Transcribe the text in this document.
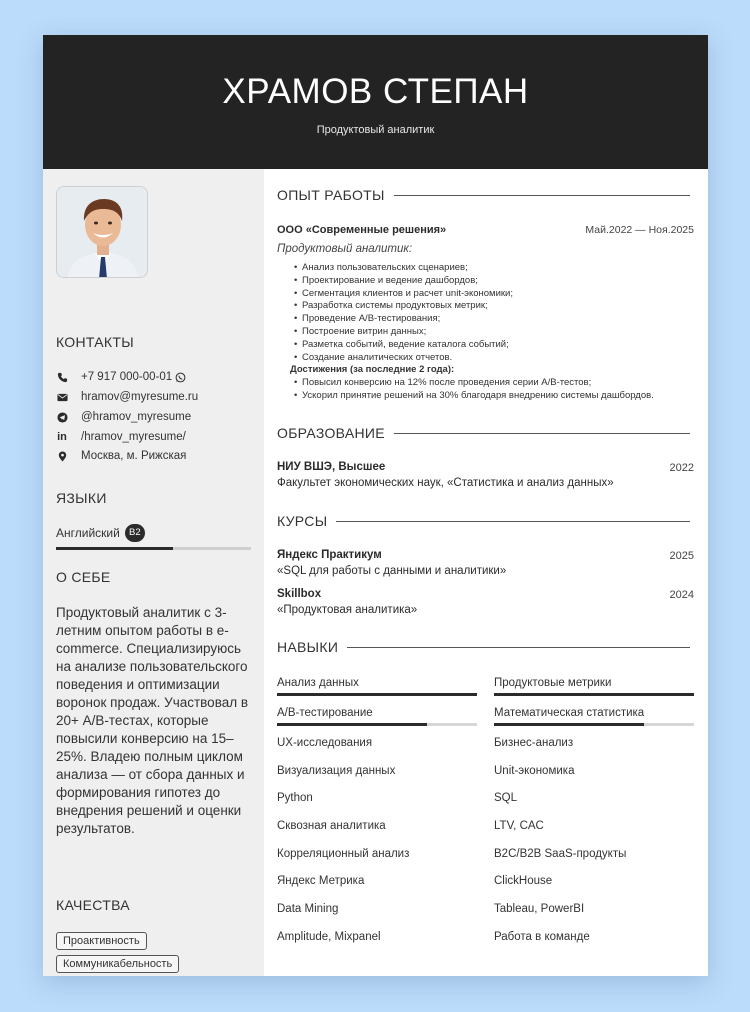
ХРАМОВ СТЕПАН
Продуктовый аналитик
КОНТАКТЫ
+7 917 000-00-01
hramov@myresume.ru
@hramov_myresume
in /hramov_myresume/
Москва, м. Рижская
ЯЗЫКИ
Английский B2
О СЕБЕ
Продуктовый аналитик с 3-летним опытом работы в e-commerce. Специализируюсь на анализе пользовательского поведения и оптимизации воронок продаж. Участвовал в 20+ A/B-тестах, которые повысили конверсию на 15–25%. Владею полным циклом анализа — от сбора данных и формирования гипотез до внедрения решений и оценки результатов.
КАЧЕСТВА
Проактивность
Коммуникабельность
ОПЫТ РАБОТЫ
ООО «Современные решения»	Май.2022 — Ноя.2025
Продуктовый аналитик:
• Анализ пользовательских сценариев;
• Проектирование и ведение дашбордов;
• Сегментация клиентов и расчет unit-экономики;
• Разработка системы продуктовых метрик;
• Проведение A/B-тестирования;
• Построение витрин данных;
• Разметка событий, ведение каталога событий;
• Создание аналитических отчетов.
Достижения (за последние 2 года):
• Повысил конверсию на 12% после проведения серии A/B-тестов;
• Ускорил принятие решений на 30% благодаря внедрению системы дашбордов.
ОБРАЗОВАНИЕ
НИУ ВШЭ, Высшее	2022
Факультет экономических наук, «Статистика и анализ данных»
КУРСЫ
Яндекс Практикум	2025
«SQL для работы с данными и аналитики»
Skillbox	2024
«Продуктовая аналитика»
НАВЫКИ
Анализ данных	Продуктовые метрики
A/B-тестирование	Математическая статистика
UX-исследования	Бизнес-анализ
Визуализация данных	Unit-экономика
Python	SQL
Сквозная аналитика	LTV, CAC
Корреляционный анализ	B2C/B2B SaaS-продукты
Яндекс Метрика	ClickHouse
Data Mining	Tableau, PowerBI
Amplitude, Mixpanel	Работа в команде
